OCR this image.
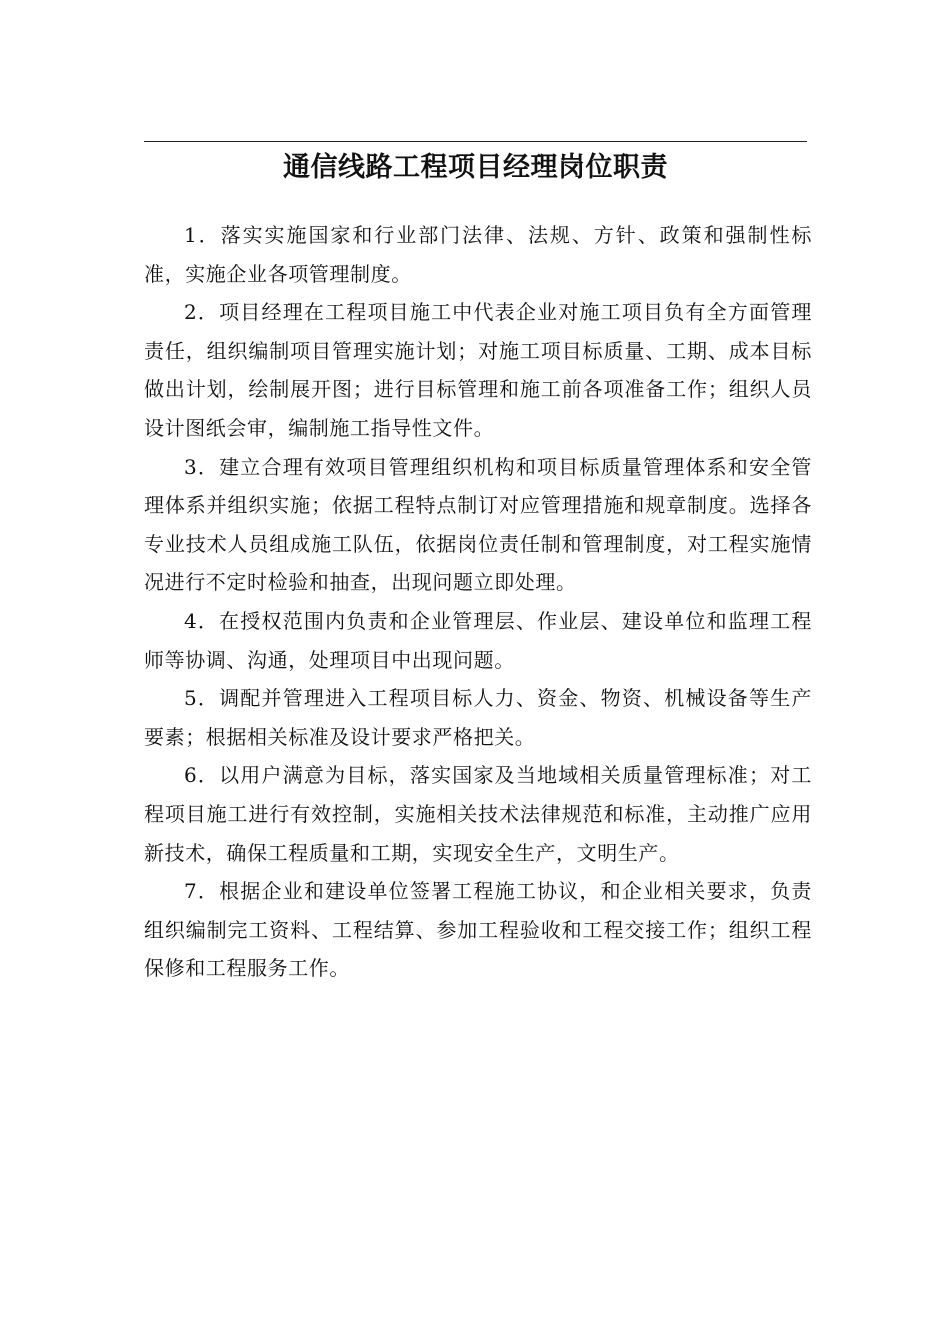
通信线路工程项目经理岗位职责

1．落实实施国家和行业部门法律、法规、方针、政策和强制性标准，实施企业各项管理制度。

2．项目经理在工程项目施工中代表企业对施工项目负有全方面管理责任，组织编制项目管理实施计划；对施工项目标质量、工期、成本目标做出计划，绘制展开图；进行目标管理和施工前各项准备工作；组织人员设计图纸会审，编制施工指导性文件。

3．建立合理有效项目管理组织机构和项目标质量管理体系和安全管理体系并组织实施；依据工程特点制订对应管理措施和规章制度。选择各专业技术人员组成施工队伍，依据岗位责任制和管理制度，对工程实施情况进行不定时检验和抽查，出现问题立即处理。

4．在授权范围内负责和企业管理层、作业层、建设单位和监理工程师等协调、沟通，处理项目中出现问题。

5．调配并管理进入工程项目标人力、资金、物资、机械设备等生产要素；根据相关标准及设计要求严格把关。

6．以用户满意为目标，落实国家及当地域相关质量管理标准；对工程项目施工进行有效控制，实施相关技术法律规范和标准，主动推广应用新技术，确保工程质量和工期，实现安全生产，文明生产。

7．根据企业和建设单位签署工程施工协议，和企业相关要求，负责组织编制完工资料、工程结算、参加工程验收和工程交接工作；组织工程保修和工程服务工作。
